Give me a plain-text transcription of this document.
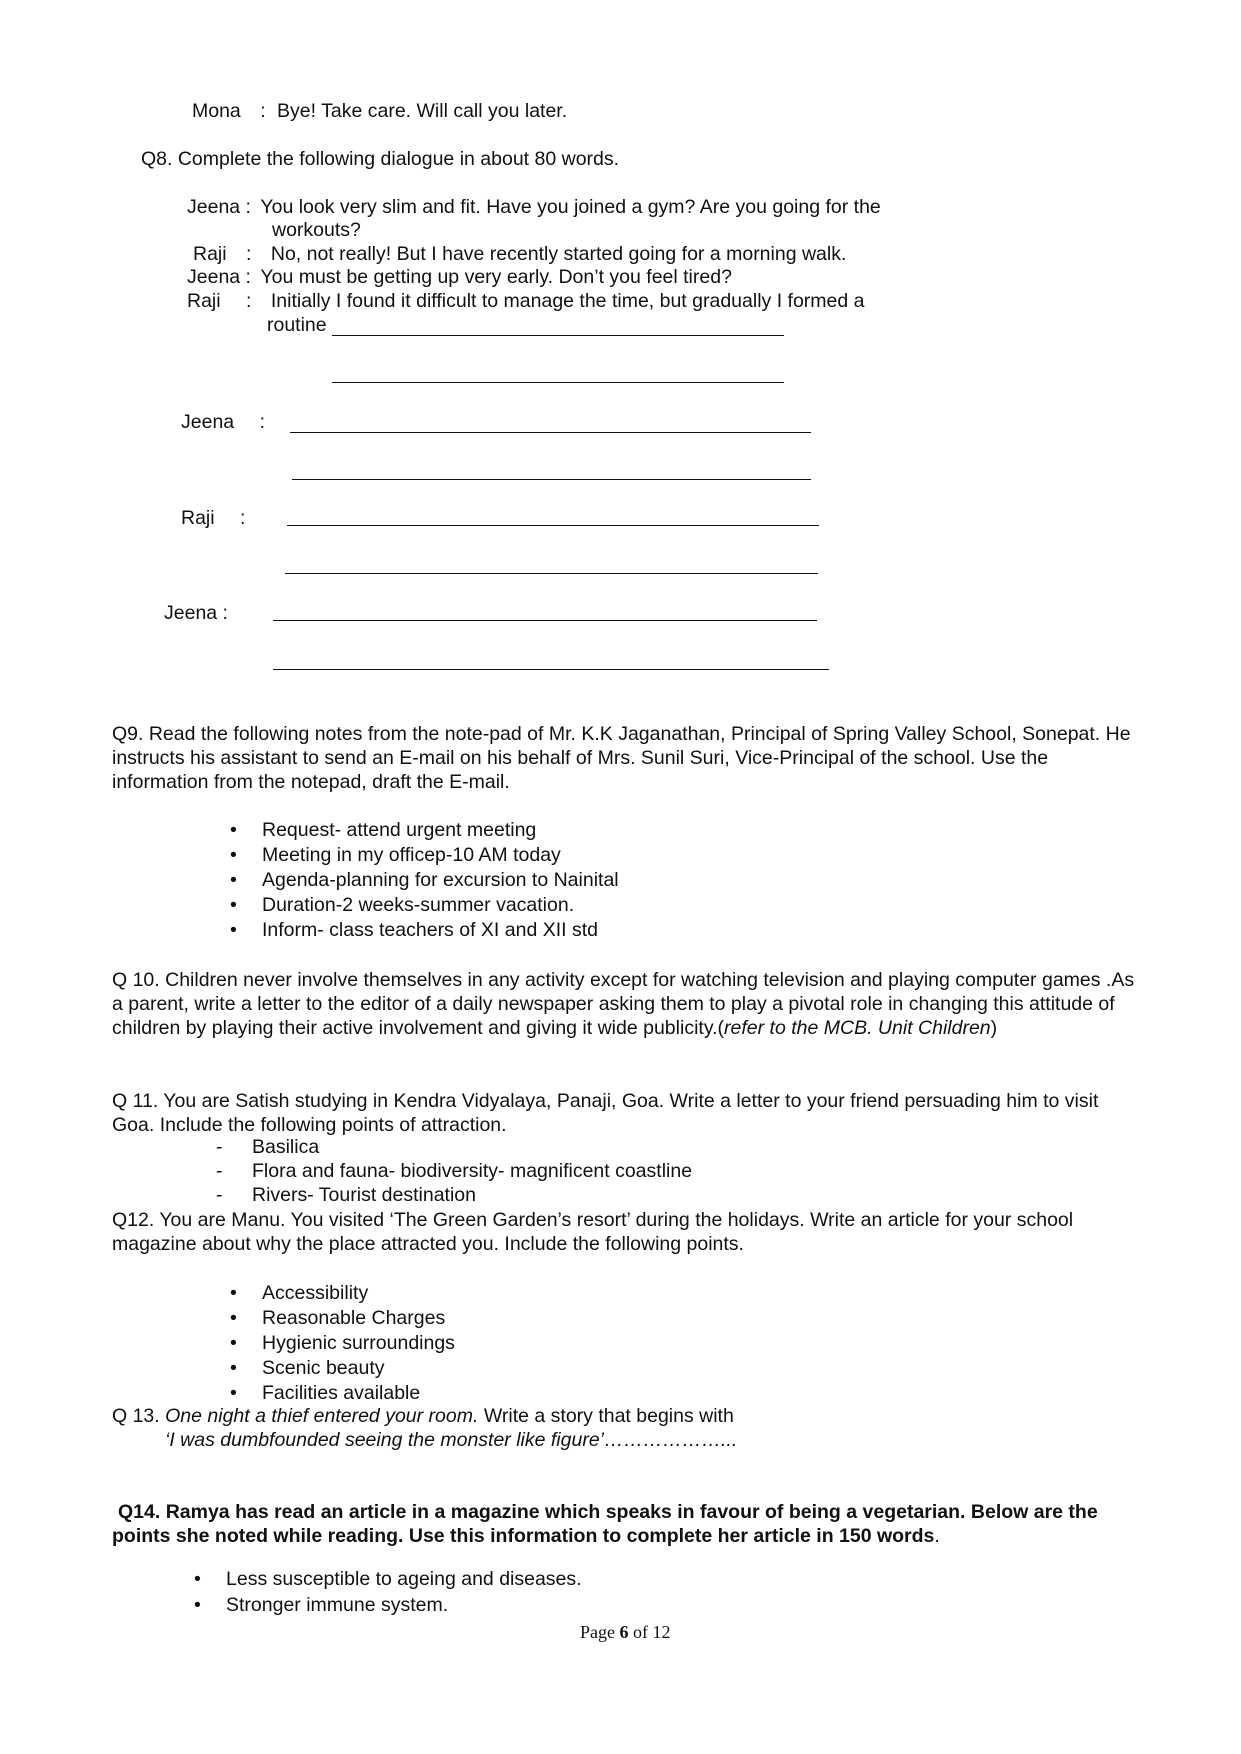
Mona : Bye! Take care. Will call you later.
Q8. Complete the following dialogue in about 80 words.
Jeena : You look very slim and fit. Have you joined a gym? Are you going for the
workouts?
Raji : No, not really! But I have recently started going for a morning walk.
Jeena : You must be getting up very early. Don’t you feel tired?
Raji : Initially I found it difficult to manage the time, but gradually I formed a
routine
Jeena :
Raji :
Jeena :
Q9. Read the following notes from the note-pad of Mr. K.K Jaganathan, Principal of Spring Valley School, Sonepat. He instructs his assistant to send an E-mail on his behalf of Mrs. Sunil Suri, Vice-Principal of the school. Use the information from the notepad, draft the E-mail.
• Request- attend urgent meeting
• Meeting in my officep-10 AM today
• Agenda-planning for excursion to Nainital
• Duration-2 weeks-summer vacation.
• Inform- class teachers of XI and XII std
Q 10. Children never involve themselves in any activity except for watching television and playing computer games .As a parent, write a letter to the editor of a daily newspaper asking them to play a pivotal role in changing this attitude of children by playing their active involvement and giving it wide publicity.(refer to the MCB. Unit Children)
Q 11. You are Satish studying in Kendra Vidyalaya, Panaji, Goa. Write a letter to your friend persuading him to visit Goa. Include the following points of attraction.
- Basilica
- Flora and fauna- biodiversity- magnificent coastline
- Rivers- Tourist destination
Q12. You are Manu. You visited ‘The Green Garden’s resort’ during the holidays. Write an article for your school magazine about why the place attracted you. Include the following points.
• Accessibility
• Reasonable Charges
• Hygienic surroundings
• Scenic beauty
• Facilities available
Q 13. One night a thief entered your room. Write a story that begins with
‘I was dumbfounded seeing the monster like figure’………………...
Q14. Ramya has read an article in a magazine which speaks in favour of being a vegetarian. Below are the points she noted while reading. Use this information to complete her article in 150 words.
• Less susceptible to ageing and diseases.
• Stronger immune system.
Page 6 of 12
